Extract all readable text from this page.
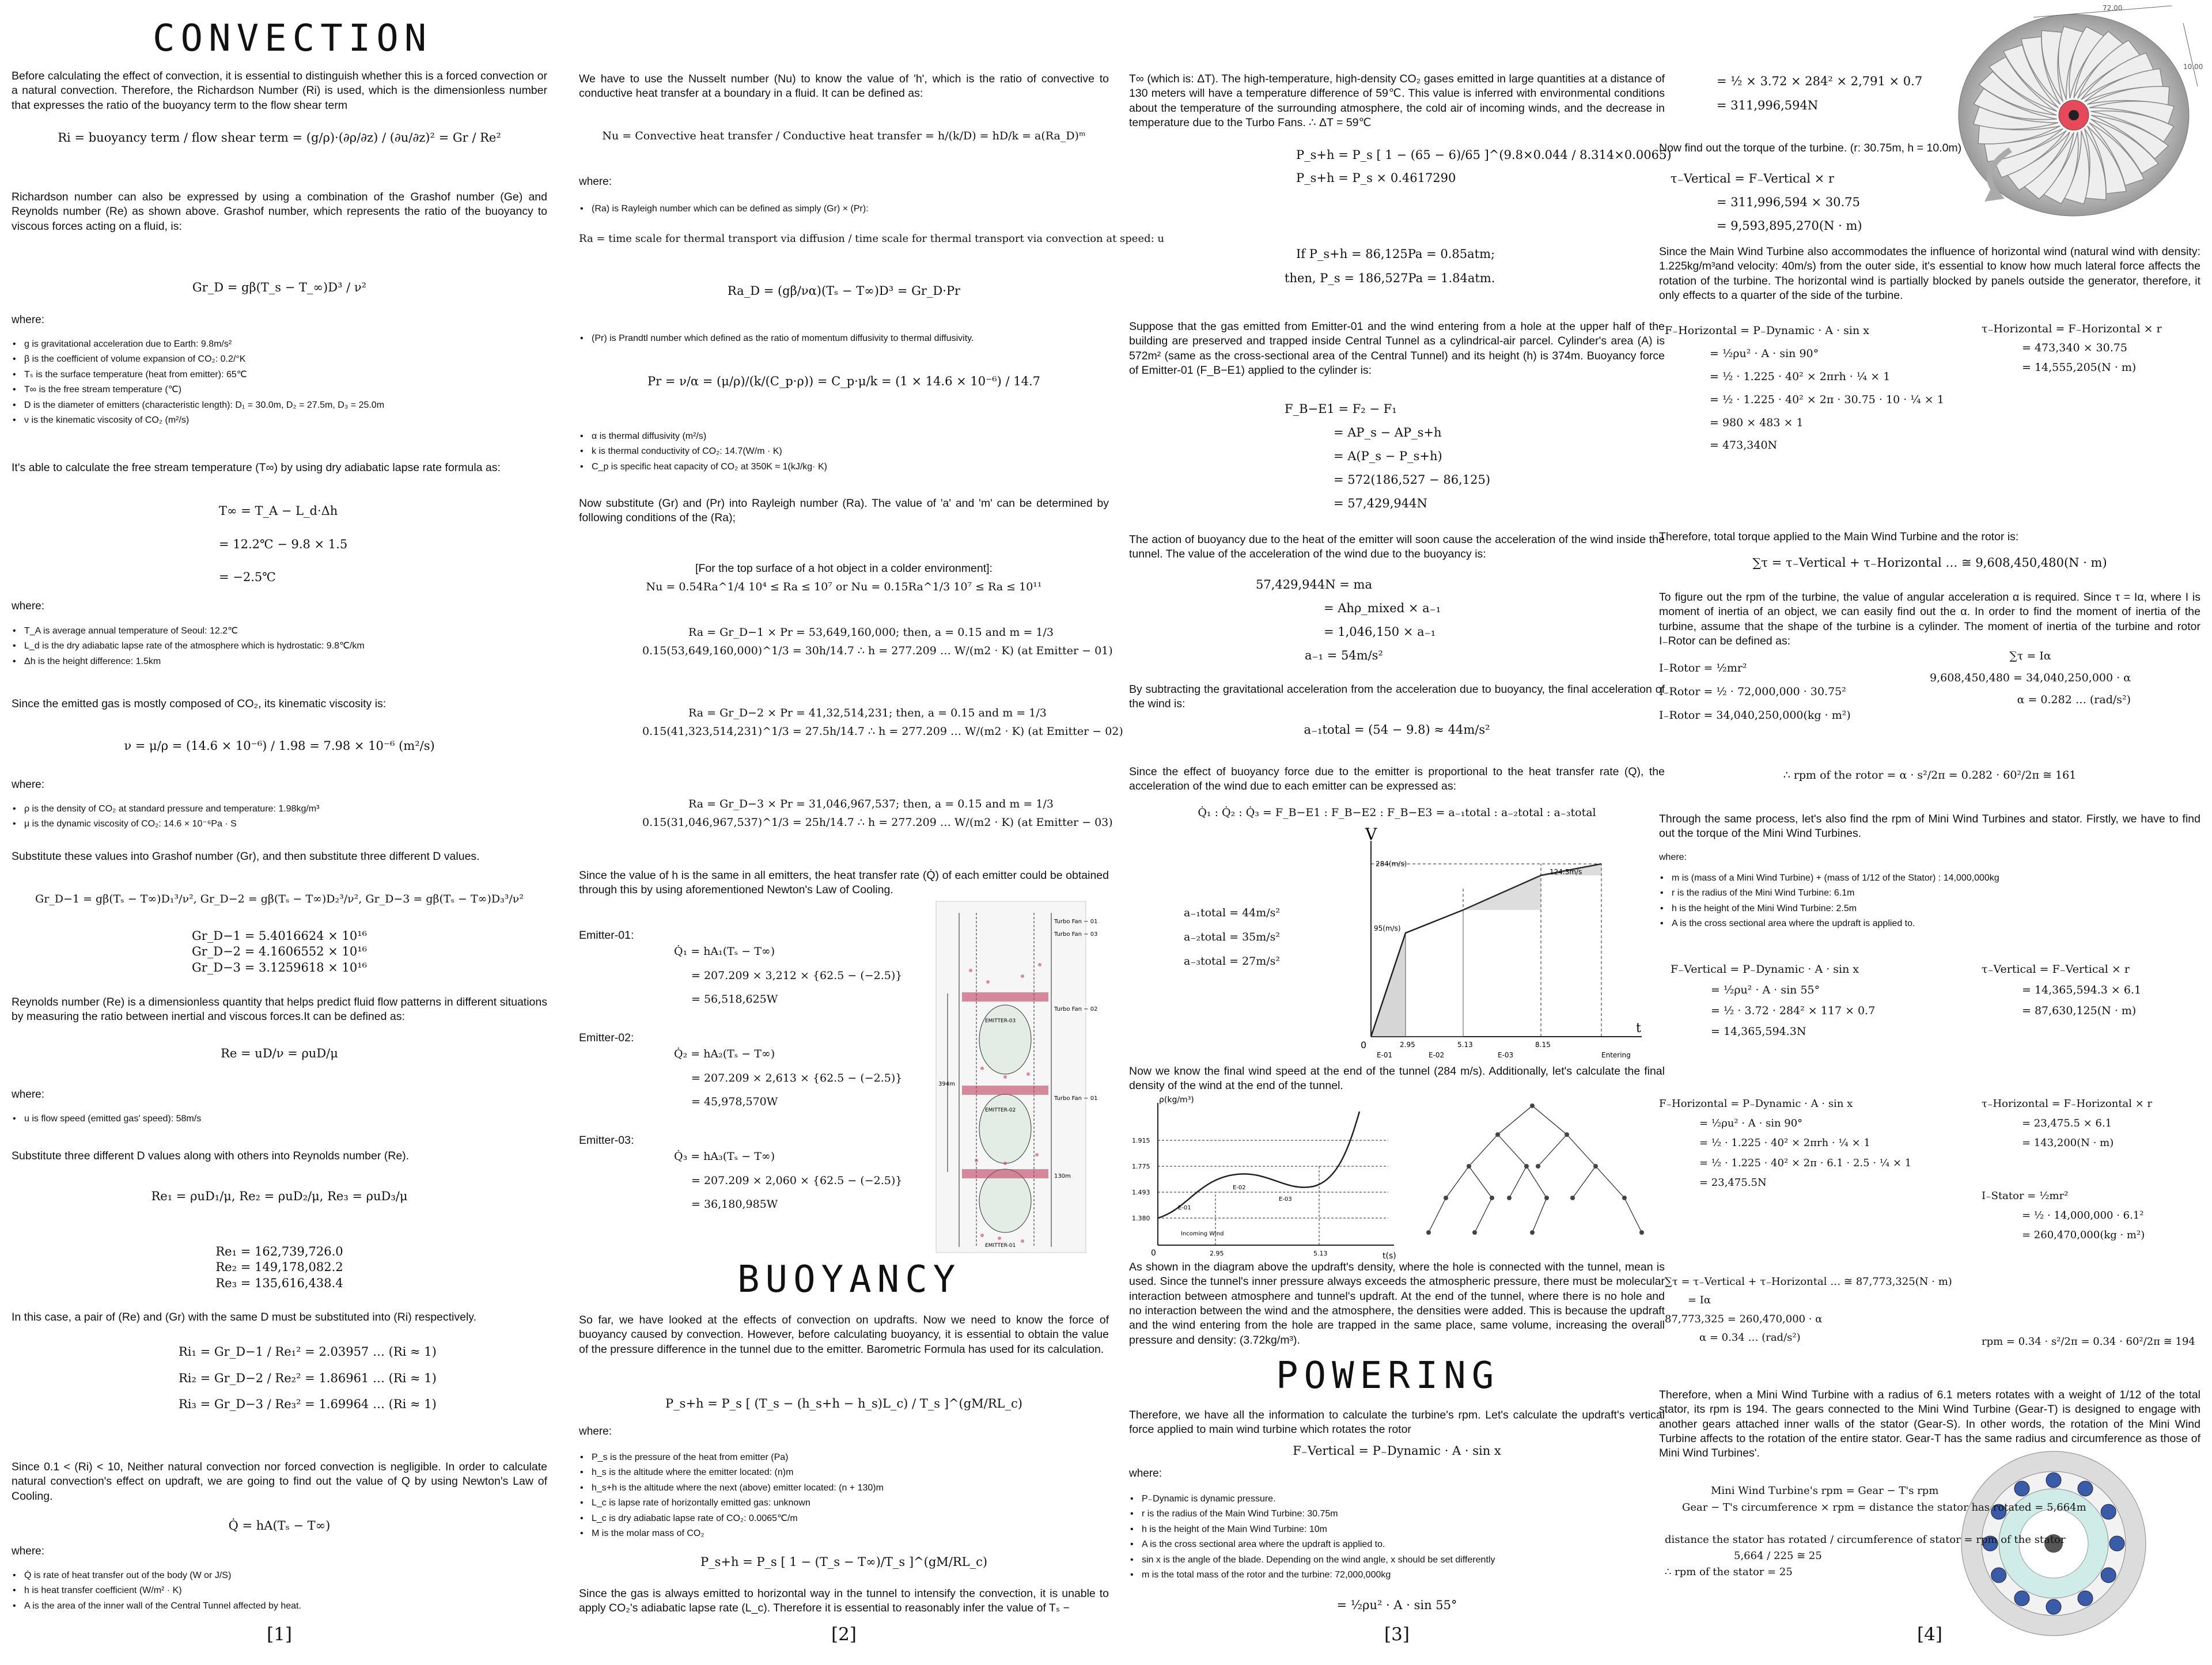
CONVECTION
Before calculating the effect of convection, it is essential to distinguish whether this is a forced convection or a natural convection. Therefore, the Richardson Number (Ri) is used, which is the dimensionless number that expresses the ratio of the buoyancy term to the flow shear term
Ri = buoyancy term / flow shear term = (g/ρ)·(∂ρ/∂z) / (∂u/∂z)² = Gr / Re²
Richardson number can also be expressed by using a combination of the Grashof number (Ge) and Reynolds number (Re) as shown above. Grashof number, which represents the ratio of the buoyancy to viscous forces acting on a fluid, is:
Gr_D = gβ(T_s − T_∞)D³ / ν²
where:
• g is gravitational acceleration due to Earth: 9.8m/s²
• β is the coefficient of volume expansion of CO₂: 0.2/°K
• Tₛ is the surface temperature (heat from emitter): 65℃
• T∞ is the free stream temperature (℃)
• D is the diameter of emitters (characteristic length): D₁ = 30.0m, D₂ = 27.5m, D₃ = 25.0m
• ν is the kinematic viscosity of CO₂ (m²/s)
It's able to calculate the free stream temperature (T∞) by using dry adiabatic lapse rate formula as:
T∞ = T_A − L_d·Δh
= 12.2℃ − 9.8 × 1.5
= −2.5℃
where:
• T_A is average annual temperature of Seoul: 12.2℃
• L_d is the dry adiabatic lapse rate of the atmosphere which is hydrostatic: 9.8℃/km
• Δh is the height difference: 1.5km
Since the emitted gas is mostly composed of CO₂, its kinematic viscosity is:
ν = μ/ρ = (14.6 × 10⁻⁶) / 1.98 = 7.98 × 10⁻⁶ (m²/s)
where:
• ρ is the density of CO₂ at standard pressure and temperature: 1.98kg/m³
• μ is the dynamic viscosity of CO₂: 14.6 × 10⁻⁶Pa · S
Substitute these values into Grashof number (Gr), and then substitute three different D values.
Gr_D−1 = gβ(Tₛ − T∞)D₁³/ν², Gr_D−2 = gβ(Tₛ − T∞)D₂³/ν², Gr_D−3 = gβ(Tₛ − T∞)D₃³/ν²
Gr_D−1 = 5.4016624 × 10¹⁶
Gr_D−2 = 4.1606552 × 10¹⁶
Gr_D−3 = 3.1259618 × 10¹⁶
Reynolds number (Re) is a dimensionless quantity that helps predict fluid flow patterns in different situations by measuring the ratio between inertial and viscous forces.It can be defined as:
Re = uD/ν = ρuD/μ
where:
• u is flow speed (emitted gas' speed): 58m/s
Substitute three different D values along with others into Reynolds number (Re).
Re₁ = ρuD₁/μ, Re₂ = ρuD₂/μ, Re₃ = ρuD₃/μ
Re₁ = 162,739,726.0
Re₂ = 149,178,082.2
Re₃ = 135,616,438.4
In this case, a pair of (Re) and (Gr) with the same D must be substituted into (Ri) respectively.
Ri₁ = Gr_D−1 / Re₁² = 2.03957 … (Ri ≈ 1)
Ri₂ = Gr_D−2 / Re₂² = 1.86961 … (Ri ≈ 1)
Ri₃ = Gr_D−3 / Re₃² = 1.69964 … (Ri ≈ 1)
Since 0.1 < (Ri) < 10, Neither natural convection nor forced convection is negligible. In order to calculate natural convection's effect on updraft, we are going to find out the value of Q by using Newton's Law of Cooling.
Q̇ = hA(Tₛ − T∞)
where:
• Q̇ is rate of heat transfer out of the body (W or J/S)
• h is heat transfer coefficient (W/m² · K)
• A is the area of the inner wall of the Central Tunnel affected by heat.
[1]
We have to use the Nusselt number (Nu) to know the value of 'h', which is the ratio of convective to conductive heat transfer at a boundary in a fluid. It can be defined as:
Nu = Convective heat transfer / Conductive heat transfer = h/(k/D) = hD/k = a(Ra_D)ᵐ
where:
• (Ra) is Rayleigh number which can be defined as simply (Gr) × (Pr):
Ra = time scale for thermal transport via diffusion / time scale for thermal transport via convection at speed: u
Ra_D = (gβ/να)(Tₛ − T∞)D³ = Gr_D·Pr
• (Pr) is Prandtl number which defined as the ratio of momentum diffusivity to thermal diffusivity.
Pr = ν/α = (μ/ρ)/(k/(C_p·ρ)) = C_p·μ/k = (1 × 14.6 × 10⁻⁶) / 14.7
• α is thermal diffusivity (m²/s)
• k is thermal conductivity of CO₂: 14.7(W/m · K)
• C_p is specific heat capacity of CO₂ at 350K ≈ 1(kJ/kg· K)
Now substitute (Gr) and (Pr) into Rayleigh number (Ra). The value of 'a' and 'm' can be determined by following conditions of the (Ra);
[For the top surface of a hot object in a colder environment]:
Nu = 0.54Ra^1/4 10⁴ ≤ Ra ≤ 10⁷ or Nu = 0.15Ra^1/3 10⁷ ≤ Ra ≤ 10¹¹
Ra = Gr_D−1 × Pr = 53,649,160,000; then, a = 0.15 and m = 1/3
0.15(53,649,160,000)^1/3 = 30h/14.7 ∴ h = 277.209 … W/(m2 · K) (at Emitter − 01)
Ra = Gr_D−2 × Pr = 41,32,514,231; then, a = 0.15 and m = 1/3
0.15(41,323,514,231)^1/3 = 27.5h/14.7 ∴ h = 277.209 … W/(m2 · K) (at Emitter − 02)
Ra = Gr_D−3 × Pr = 31,046,967,537; then, a = 0.15 and m = 1/3
0.15(31,046,967,537)^1/3 = 25h/14.7 ∴ h = 277.209 … W/(m2 · K) (at Emitter − 03)
Since the value of h is the same in all emitters, the heat transfer rate (Q̇) of each emitter could be obtained through this by using aforementioned Newton's Law of Cooling.
Emitter-01:
Q̇₁ = hA₁(Tₛ − T∞)
= 207.209 × 3,212 × {62.5 − (−2.5)}
= 56,518,625W
Emitter-02:
Q̇₂ = hA₂(Tₛ − T∞)
= 207.209 × 2,613 × {62.5 − (−2.5)}
= 45,978,570W
Emitter-03:
Q̇₃ = hA₃(Tₛ − T∞)
= 207.209 × 2,060 × {62.5 − (−2.5)}
= 36,180,985W
394m
Turbo Fan − 01
Turbo Fan − 03
Turbo Fan − 02
Turbo Fan − 01
EMITTER-03
EMITTER-02
EMITTER-01
130m
BUOYANCY
So far, we have looked at the effects of convection on updrafts. Now we need to know the force of buoyancy caused by convection. However, before calculating buoyancy, it is essential to obtain the value of the pressure difference in the tunnel due to the emitter. Barometric Formula has used for its calculation.
P_s+h = P_s [ (T_s − (h_s+h − h_s)L_c) / T_s ]^(gM/RL_c)
where:
• P_s is the pressure of the heat from emitter (Pa)
• h_s is the altitude where the emitter located: (n)m
• h_s+h is the altitude where the next (above) emitter located: (n + 130)m
• L_c is lapse rate of horizontally emitted gas: unknown
• L_c is dry adiabatic lapse rate of CO₂: 0.0065℃/m
• M is the molar mass of CO₂
P_s+h = P_s [ 1 − (T_s − T∞)/T_s ]^(gM/RL_c)
Since the gas is always emitted to horizontal way in the tunnel to intensify the convection, it is unable to apply CO₂'s adiabatic lapse rate (L_c). Therefore it is essential to reasonably infer the value of Tₛ −
[2]
T∞ (which is: ΔT). The high-temperature, high-density CO₂ gases emitted in large quantities at a distance of 130 meters will have a temperature difference of 59℃. This value is inferred with environmental conditions about the temperature of the surrounding atmosphere, the cold air of incoming winds, and the decrease in temperature due to the Turbo Fans. ∴ ΔT = 59℃
P_s+h = P_s [ 1 − (65 − 6)/65 ]^(9.8×0.044 / 8.314×0.0065)
P_s+h = P_s × 0.4617290
If P_s+h = 86,125Pa = 0.85atm;
then, P_s = 186,527Pa = 1.84atm.
Suppose that the gas emitted from Emitter-01 and the wind entering from a hole at the upper half of the building are preserved and trapped inside Central Tunnel as a cylindrical-air parcel. Cylinder's area (A) is 572m² (same as the cross-sectional area of the Central Tunnel) and its height (h) is 374m. Buoyancy force of Emitter-01 (F_B−E1) applied to the cylinder is:
F_B−E1 = F₂ − F₁
= AP_s − AP_s+h
= A(P_s − P_s+h)
= 572(186,527 − 86,125)
= 57,429,944N
The action of buoyancy due to the heat of the emitter will soon cause the acceleration of the wind inside the tunnel. The value of the acceleration of the wind due to the buoyancy is:
57,429,944N = ma
= Ahρ_mixed × a₋₁
= 1,046,150 × a₋₁
a₋₁ = 54m/s²
By subtracting the gravitational acceleration from the acceleration due to buoyancy, the final acceleration of the wind is:
a₋₁total = (54 − 9.8) ≈ 44m/s²
Since the effect of buoyancy force due to the emitter is proportional to the heat transfer rate (Q), the acceleration of the wind due to each emitter can be expressed as:
Q̇₁ : Q̇₂ : Q̇₃ = F_B−E1 : F_B−E2 : F_B−E3 = a₋₁total : a₋₂total : a₋₃total
a₋₁total = 44m/s²
a₋₂total = 35m/s²
a₋₃total = 27m/s²
V
284(m/s)
124.3m/s
95(m/s)
t
0	2.95	5.13	8.15
E-01	E-02	E-03	Entering
Now we know the final wind speed at the end of the tunnel (284 m/s). Additionally, let's calculate the final density of the wind at the end of the tunnel.
ρ(kg/m³)
1.915
1.775
1.493
1.380
t(s)
0	2.95	5.13
Incoming Wind
E-01
E-02
E-03
As shown in the diagram above the updraft's density, where the hole is connected with the tunnel, mean is used. Since the tunnel's inner pressure always exceeds the atmospheric pressure, there must be molecular interaction between atmosphere and tunnel's updraft. At the end of the tunnel, where there is no hole and no interaction between the wind and the atmosphere, the densities were added. This is because the updraft and the wind entering from the hole are trapped in the same place, same volume, increasing the overall pressure and density: (3.72kg/m³).
POWERING
Therefore, we have all the information to calculate the turbine's rpm. Let's calculate the updraft's vertical force applied to main wind turbine which rotates the rotor
F₋Vertical = P₋Dynamic · A · sin x
where:
• P₋Dynamic is dynamic pressure.
• r is the radius of the Main Wind Turbine: 30.75m
• h is the height of the Main Wind Turbine: 10m
• A is the cross sectional area where the updraft is applied to.
• sin x is the angle of the blade. Depending on the wind angle, x should be set differently
• m is the total mass of the rotor and the turbine: 72,000,000kg
= ½ρu² · A · sin 55°
[3]
72.00
10.00
= ½ × 3.72 × 284² × 2,791 × 0.7
= 311,996,594N
Now find out the torque of the turbine. (r: 30.75m, h = 10.0m)
τ₋Vertical = F₋Vertical × r
= 311,996,594 × 30.75
= 9,593,895,270(N · m)
Since the Main Wind Turbine also accommodates the influence of horizontal wind (natural wind with density: 1.225kg/m³and velocity: 40m/s) from the outer side, it's essential to know how much lateral force affects the rotation of the turbine. The horizontal wind is partially blocked by panels outside the generator, therefore, it only effects to a quarter of the side of the turbine.
F₋Horizontal = P₋Dynamic · A · sin x
= ½ρu² · A · sin 90°
= ½ · 1.225 · 40² × 2πrh · ¼ × 1
= ½ · 1.225 · 40² × 2π · 30.75 · 10 · ¼ × 1
= 980 × 483 × 1
= 473,340N
τ₋Horizontal = F₋Horizontal × r
= 473,340 × 30.75
= 14,555,205(N · m)
Therefore, total torque applied to the Main Wind Turbine and the rotor is:
∑τ = τ₋Vertical + τ₋Horizontal … ≅ 9,608,450,480(N · m)
To figure out the rpm of the turbine, the value of angular acceleration α is required. Since τ = Iα, where I is moment of inertia of an object, we can easily find out the α. In order to find the moment of inertia of the turbine, assume that the shape of the turbine is a cylinder. The moment of inertia of the turbine and rotor I₋Rotor can be defined as:
I₋Rotor = ½mr²
I₋Rotor = ½ · 72,000,000 · 30.75²
I₋Rotor = 34,040,250,000(kg · m²)
∑τ = Iα
9,608,450,480 = 34,040,250,000 · α
α = 0.282 … (rad/s²)
∴ rpm of the rotor = α · s²/2π = 0.282 · 60²/2π ≅ 161
Through the same process, let's also find the rpm of Mini Wind Turbines and stator. Firstly, we have to find out the torque of the Mini Wind Turbines.
where:
• m is (mass of a Mini Wind Turbine) + (mass of 1/12 of the Stator) : 14,000,000kg
• r is the radius of the Mini Wind Turbine: 6.1m
• h is the height of the Mini Wind Turbine: 2.5m
• A is the cross sectional area where the updraft is applied to.
F₋Vertical = P₋Dynamic · A · sin x
= ½ρu² · A · sin 55°
= ½ · 3.72 · 284² × 117 × 0.7
= 14,365,594.3N
τ₋Vertical = F₋Vertical × r
= 14,365,594.3 × 6.1
= 87,630,125(N · m)
F₋Horizontal = P₋Dynamic · A · sin x
= ½ρu² · A · sin 90°
= ½ · 1.225 · 40² × 2πrh · ¼ × 1
= ½ · 1.225 · 40² × 2π · 6.1 · 2.5 · ¼ × 1
= 23,475.5N
τ₋Horizontal = F₋Horizontal × r
= 23,475.5 × 6.1
= 143,200(N · m)
I₋Stator = ½mr²
= ½ · 14,000,000 · 6.1²
= 260,470,000(kg · m²)
∑τ = τ₋Vertical + τ₋Horizontal … ≅ 87,773,325(N · m)
= Iα
87,773,325 = 260,470,000 · α
α = 0.34 … (rad/s²)	rpm = 0.34 · s²/2π = 0.34 · 60²/2π ≅ 194
Therefore, when a Mini Wind Turbine with a radius of 6.1 meters rotates with a weight of 1/12 of the total stator, its rpm is 194. The gears connected to the Mini Wind Turbine (Gear-T) is designed to engage with another gears attached inner walls of the stator (Gear-S). In other words, the rotation of the Mini Wind Turbine affects to the rotation of the entire stator. Gear-T has the same radius and circumference as those of Mini Wind Turbines'.
Mini Wind Turbine's rpm = Gear − T's rpm
Gear − T's circumference × rpm = distance the stator has rotated = 5,664m
distance the stator has rotated / circumference of stator = rpm of the stator
5,664 / 225 ≅ 25
∴ rpm of the stator = 25
[4]
